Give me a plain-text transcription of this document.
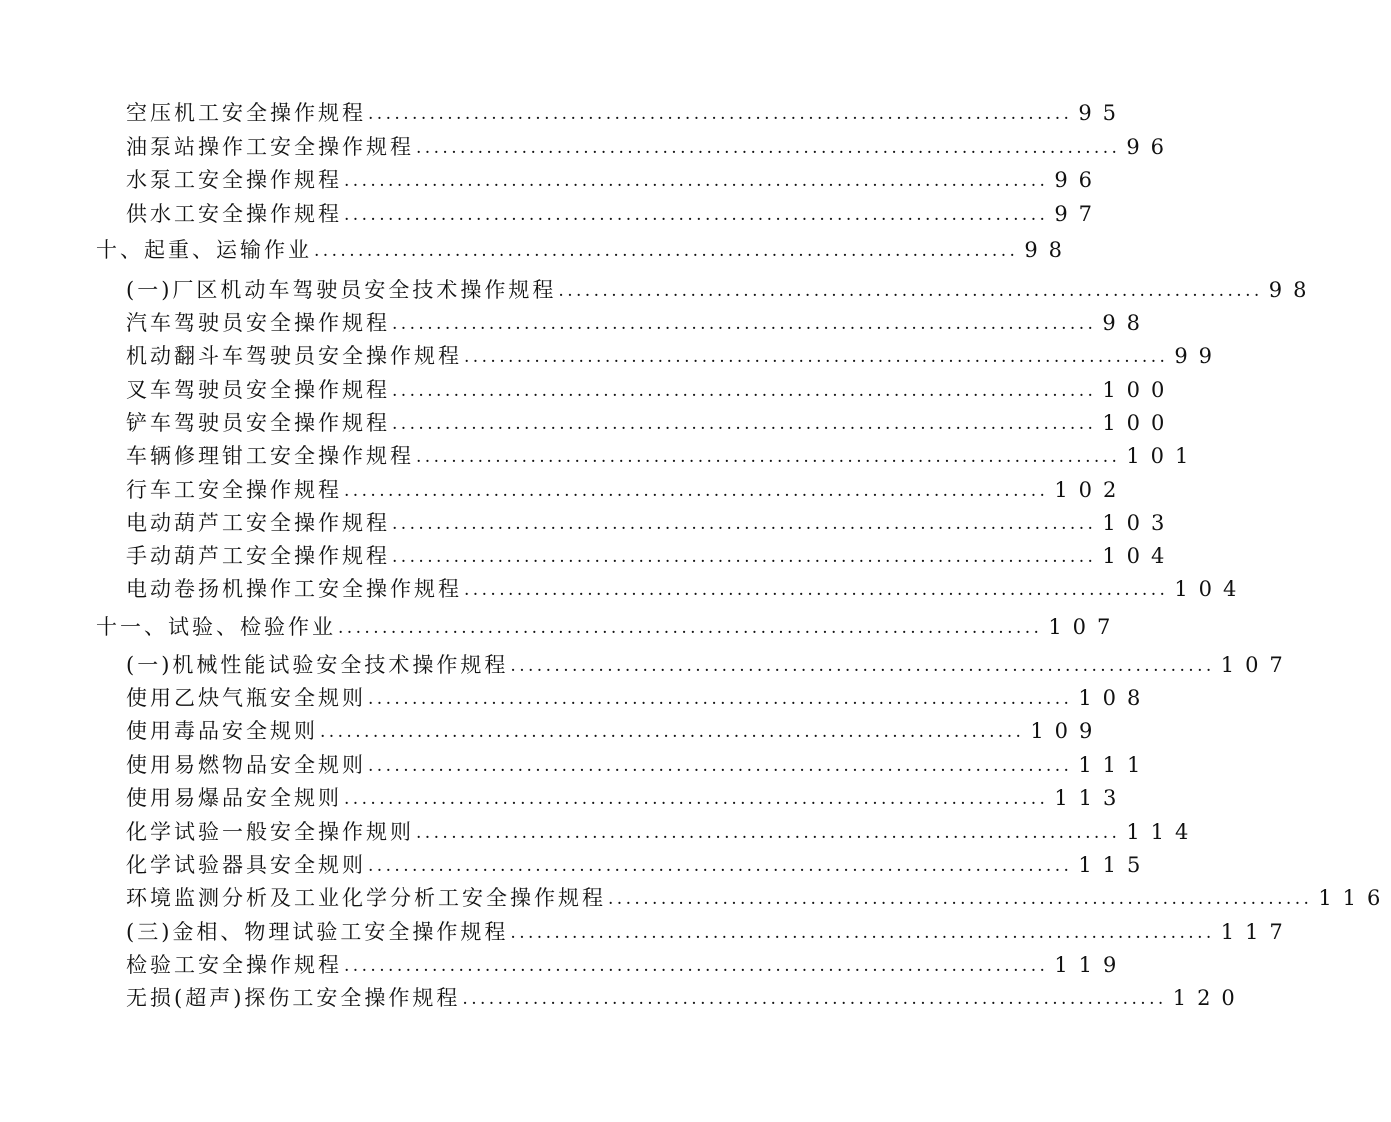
空压机工安全操作规程 ................................................................................ 95
油泵站操作工安全操作规程 ................................................................................ 96
水泵工安全操作规程 ................................................................................ 96
供水工安全操作规程 ................................................................................ 97
十、起重、运输作业 ................................................................................ 98
(一)厂区机动车驾驶员安全技术操作规程 ................................................................................ 98
汽车驾驶员安全操作规程 ................................................................................ 98
机动翻斗车驾驶员安全操作规程 ................................................................................ 99
叉车驾驶员安全操作规程 ................................................................................ 100
铲车驾驶员安全操作规程 ................................................................................ 100
车辆修理钳工安全操作规程 ................................................................................ 101
行车工安全操作规程 ................................................................................ 102
电动葫芦工安全操作规程 ................................................................................ 103
手动葫芦工安全操作规程 ................................................................................ 104
电动卷扬机操作工安全操作规程 ................................................................................ 104
十一、试验、检验作业 ................................................................................ 107
(一)机械性能试验安全技术操作规程 ................................................................................ 107
使用乙炔气瓶安全规则 ................................................................................ 108
使用毒品安全规则 ................................................................................ 109
使用易燃物品安全规则 ................................................................................ 111
使用易爆品安全规则 ................................................................................ 113
化学试验一般安全操作规则 ................................................................................ 114
化学试验器具安全规则 ................................................................................ 115
环境监测分析及工业化学分析工安全操作规程 ................................................................................ 116
(三)金相、物理试验工安全操作规程 ................................................................................ 117
检验工安全操作规程 ................................................................................ 119
无损(超声)探伤工安全操作规程 ................................................................................ 120
